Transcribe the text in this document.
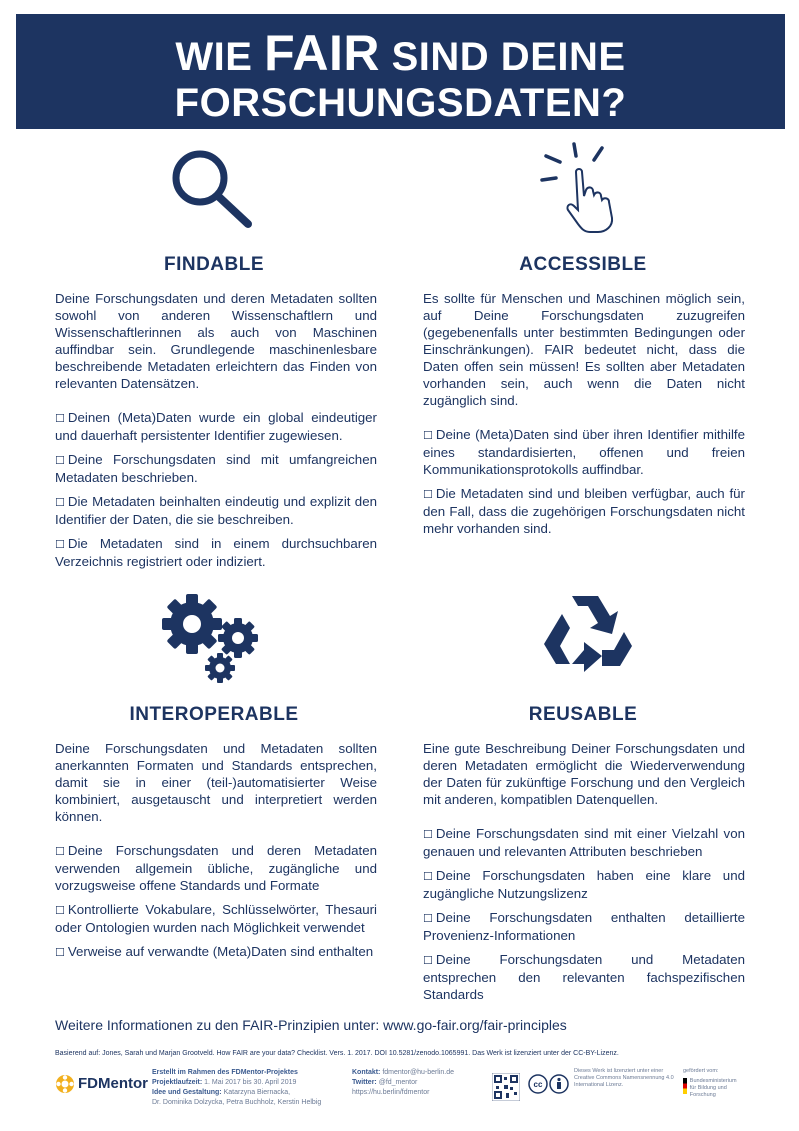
WIE FAIR SIND DEINE
FORSCHUNGSDATEN?
FINDABLE

Deine Forschungsdaten und deren Metadaten sollten sowohl von anderen Wissenschaftlern und Wissenschaftlerinnen als auch von Maschinen auffindbar sein. Grundlegende maschinenlesbare beschreibende Metadaten erleichtern das Finden von relevanten Datensätzen.

☐ Deinen (Meta)Daten wurde ein global eindeutiger und dauerhaft persistenter Identifier zugewiesen.
☐ Deine Forschungsdaten sind mit umfangreichen Metadaten beschrieben.
☐ Die Metadaten beinhalten eindeutig und explizit den Identifier der Daten, die sie beschreiben.
☐ Die Metadaten sind in einem durchsuchbaren Verzeichnis registriert oder indiziert.
ACCESSIBLE

Es sollte für Menschen und Maschinen möglich sein, auf Deine Forschungsdaten zuzugreifen (gegebenenfalls unter bestimmten Bedingungen oder Einschränkungen). FAIR bedeutet nicht, dass die Daten offen sein müssen! Es sollten aber Metadaten vorhanden sein, auch wenn die Daten nicht zugänglich sind.

☐ Deine (Meta)Daten sind über ihren Identifier mithilfe eines standardisierten, offenen und freien Kommunikationsprotokolls auffindbar.
☐ Die Metadaten sind und bleiben verfügbar, auch für den Fall, dass die zugehörigen Forschungsdaten nicht mehr vorhanden sind.
INTEROPERABLE

Deine Forschungsdaten und Metadaten sollten anerkannten Formaten und Standards entsprechen, damit sie in einer (teil-)automatisierter Weise kombiniert, ausgetauscht und interpretiert werden können.

☐ Deine Forschungsdaten und deren Metadaten verwenden allgemein übliche, zugängliche und vorzugsweise offene Standards und Formate
☐ Kontrollierte Vokabulare, Schlüsselwörter, Thesauri oder Ontologien wurden nach Möglichkeit verwendet
☐ Verweise auf verwandte (Meta)Daten sind enthalten
REUSABLE

Eine gute Beschreibung Deiner Forschungsdaten und deren Metadaten ermöglicht die Wiederverwendung der Daten für zukünftige Forschung und den Vergleich mit anderen, kompatiblen Datenquellen.

☐ Deine Forschungsdaten sind mit einer Vielzahl von genauen und relevanten Attributen beschrieben
☐ Deine Forschungsdaten haben eine klare und zugängliche Nutzungslizenz
☐ Deine Forschungsdaten enthalten detaillierte Provenienz-Informationen
☐ Deine Forschungsdaten und Metadaten entsprechen den relevanten fachspezifischen Standards
Weitere Informationen zu den FAIR-Prinzipien unter: www.go-fair.org/fair-principles
Basierend auf: Jones, Sarah und Marjan Grootveld. How FAIR are your data? Checklist. Vers. 1. 2017. DOI 10.5281/zenodo.1065991. Das Werk ist lizenziert unter der CC-BY-Lizenz.
FDMentor
Erstellt im Rahmen des FDMentor-Projektes
Projektlaufzeit: 1. Mai 2017 bis 30. April 2019
Idee und Gestaltung: Katarzyna Biernacka,
Dr. Dominika Dolzycka, Petra Buchholz, Kerstin Helbig
Kontakt: fdmentor@hu-berlin.de
Twitter: @fd_mentor
https://hu.berlin/fdmentor
cc
Dieses Werk ist lizenziert unter einer Creative Commons Namensnennung 4.0 International Lizenz.
gefördert vom:
Bundesministerium für Bildung und Forschung
